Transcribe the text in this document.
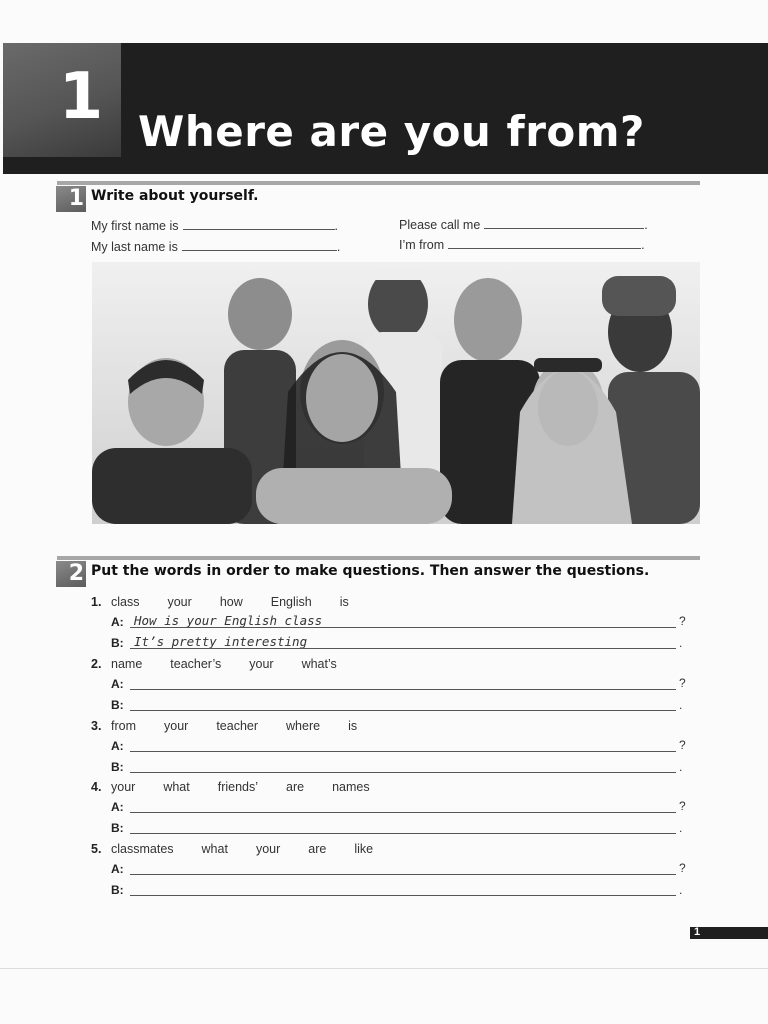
1 Where are you from?
1 Write about yourself.
My first name is	.	Please call me	.
My last name is	.	I’m from	.
2 Put the words in order to make questions. Then answer the questions.
1. class your how English is
A: How is your English class	?
B: It’s pretty interesting	.
2. name teacher’s your what’s
A:	?
B:	.
3. from your teacher where is
A:	?
B:	.
4. your what friends’ are names
A:	?
B:	.
5. classmates what your are like
A:	?
B:	.
1
